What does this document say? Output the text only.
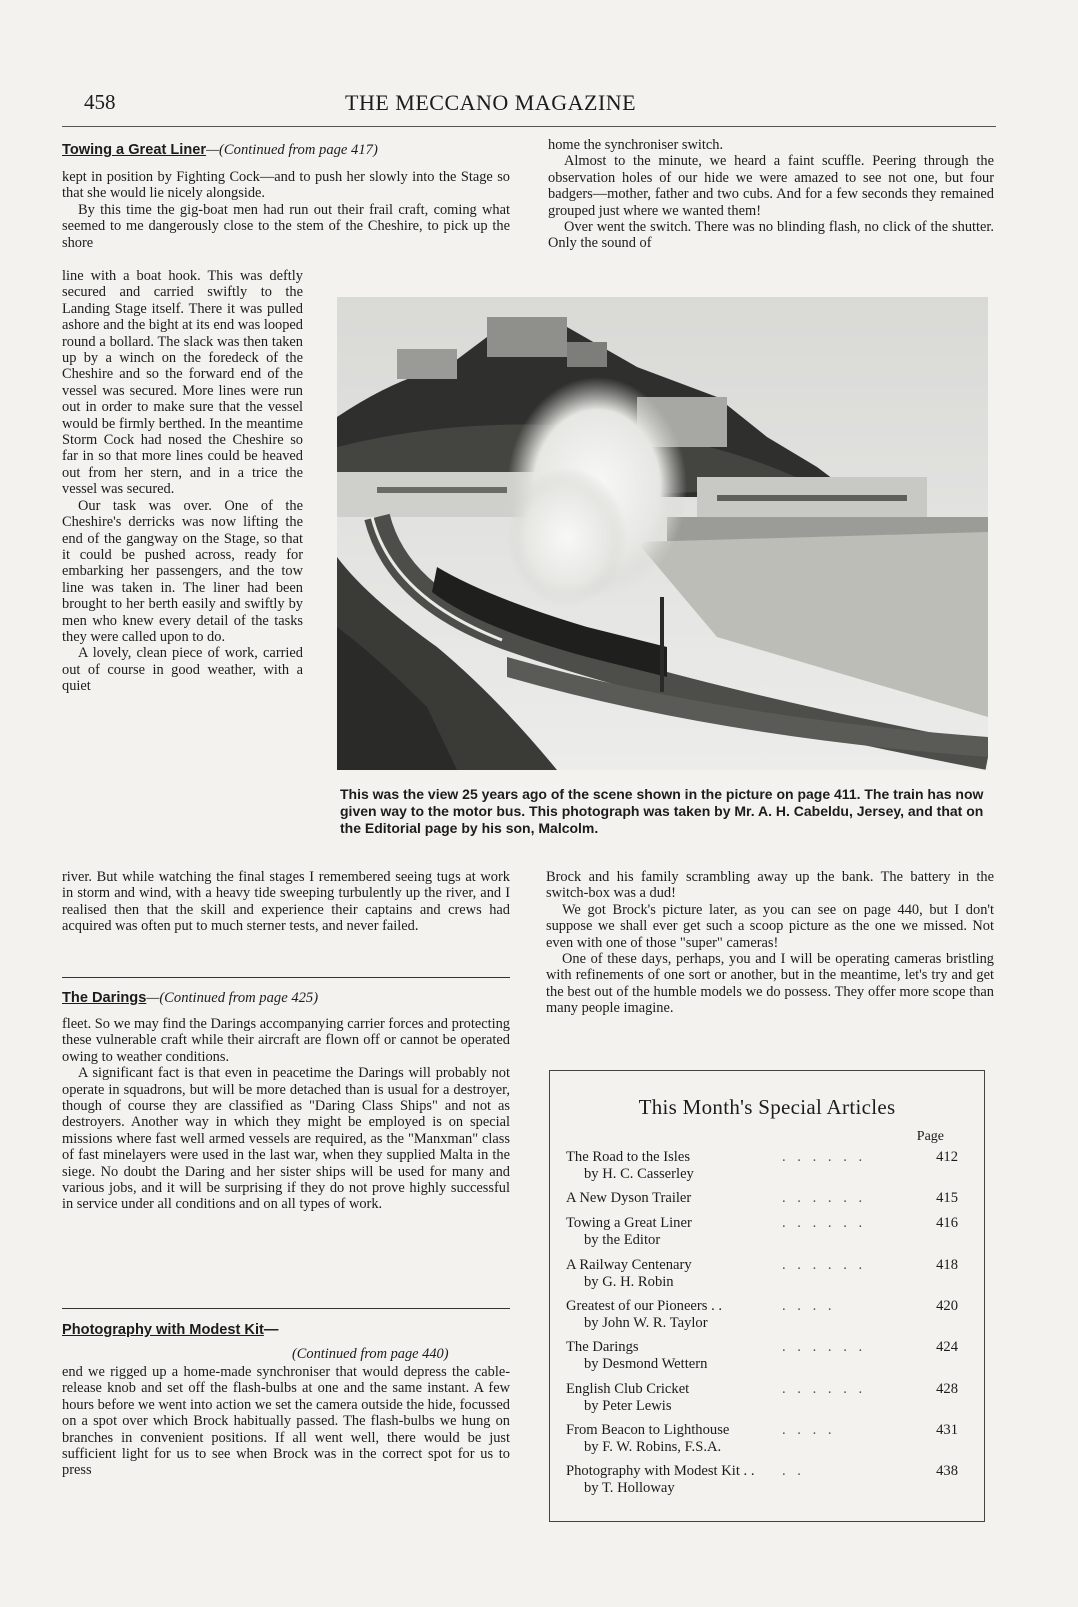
458	THE MECCANO MAGAZINE
Towing a Great Liner—(Continued from page 417)

kept in position by Fighting Cock—and to push her slowly into the Stage so that she would lie nicely alongside.

By this time the gig-boat men had run out their frail craft, coming what seemed to me dangerously close to the stem of the Cheshire, to pick up the shore

line with a boat hook. This was deftly secured and carried swiftly to the Landing Stage itself. There it was pulled ashore and the bight at its end was looped round a bollard. The slack was then taken up by a winch on the foredeck of the Cheshire and so the forward end of the vessel was secured. More lines were run out in order to make sure that the vessel would be firmly berthed. In the meantime Storm Cock had nosed the Cheshire so far in so that more lines could be heaved out from her stern, and in a trice the vessel was secured.

Our task was over. One of the Cheshire's derricks was now lifting the end of the gangway on the Stage, so that it could be pushed across, ready for embarking her passengers, and the tow line was taken in. The liner had been brought to her berth easily and swiftly by men who knew every detail of the tasks they were called upon to do.

A lovely, clean piece of work, carried out of course in good weather, with a quiet

river. But while watching the final stages I remembered seeing tugs at work in storm and wind, with a heavy tide sweeping turbulently up the river, and I realised then that the skill and experience their captains and crews had acquired was often put to much sterner tests, and never failed.

The Darings—(Continued from page 425)

fleet. So we may find the Darings accompanying carrier forces and protecting these vulnerable craft while their aircraft are flown off or cannot be operated owing to weather conditions.

A significant fact is that even in peacetime the Darings will probably not operate in squadrons, but will be more detached than is usual for a destroyer, though of course they are classified as "Daring Class Ships" and not as destroyers. Another way in which they might be employed is on special missions where fast well armed vessels are required, as the "Manxman" class of fast minelayers were used in the last war, when they supplied Malta in the siege. No doubt the Daring and her sister ships will be used for many and various jobs, and it will be surprising if they do not prove highly successful in service under all conditions and on all types of work.

Photography with Modest Kit—
(Continued from page 440)

end we rigged up a home-made synchroniser that would depress the cable-release knob and set off the flash-bulbs at one and the same instant. A few hours before we went into action we set the camera outside the hide, focussed on a spot over which Brock habitually passed. The flash-bulbs we hung on branches in convenient positions. If all went well, there would be just sufficient light for us to see when Brock was in the correct spot for us to press

home the synchroniser switch.

Almost to the minute, we heard a faint scuffle. Peering through the observation holes of our hide we were amazed to see not one, but four badgers—mother, father and two cubs. And for a few seconds they remained grouped just where we wanted them!

Over went the switch. There was no blinding flash, no click of the shutter. Only the sound of

This was the view 25 years ago of the scene shown in the picture on page 411. The train has now given way to the motor bus. This photograph was taken by Mr. A. H. Cabeldu, Jersey, and that on the Editorial page by his son, Malcolm.

Brock and his family scrambling away up the bank. The battery in the switch-box was a dud!

We got Brock's picture later, as you can see on page 440, but I don't suppose we shall ever get such a scoop picture as the one we missed. Not even with one of those "super" cameras!

One of these days, perhaps, you and I will be operating cameras bristling with refinements of one sort or another, but in the meantime, let's try and get the best out of the humble models we do possess. They offer more scope than many people imagine.

This Month's Special Articles
Page
The Road to the Isles
by H. C. Casserley
. . . . . .	412
A New Dyson Trailer	. . . . . .	415
Towing a Great Liner
by the Editor
. . . . . .	416
A Railway Centenary
by G. H. Robin
. . . . . .	418
Greatest of our Pioneers . .
by John W. R. Taylor
. . . .	420
The Darings
by Desmond Wettern
. . . . . .	424
English Club Cricket
by Peter Lewis
. . . . . .	428
From Beacon to Lighthouse
by F. W. Robins, F.S.A.
. . . .	431
Photography with Modest Kit . .
by T. Holloway
. .	438
